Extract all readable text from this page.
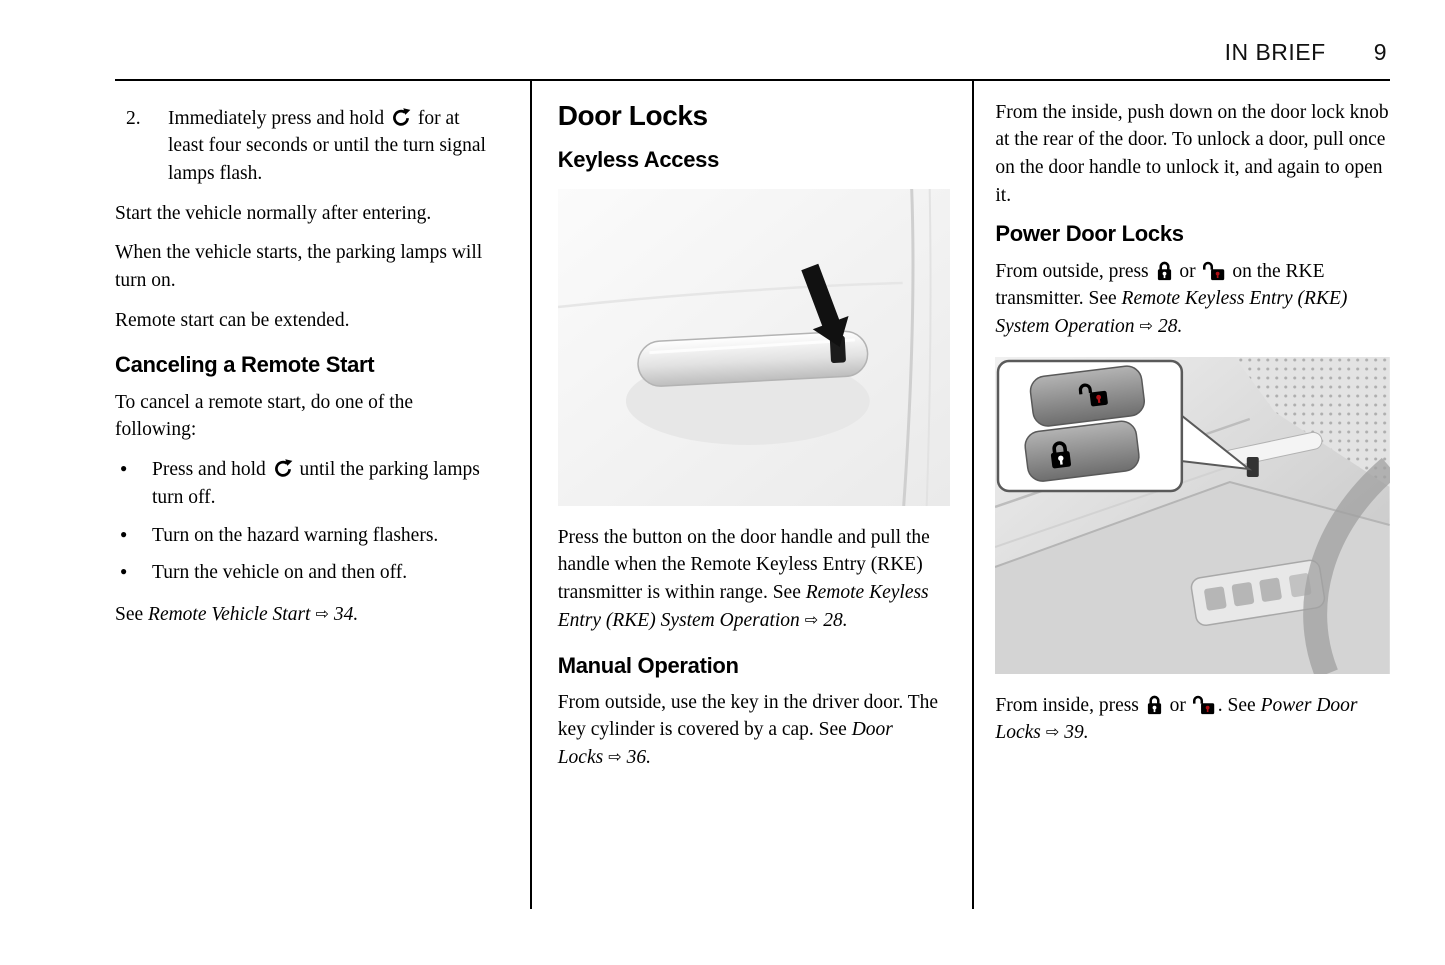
IN BRIEF 9
2.	Immediately press and hold
for at least four seconds or until the turn signal lamps flash.

Start the vehicle normally after entering.

When the vehicle starts, the parking lamps will turn on.

Remote start can be extended.

Canceling a Remote Start

To cancel a remote start, do one of the following:

● Press and hold
until the parking lamps turn off.
● Turn on the hazard warning flashers.
● Turn the vehicle on and then off.

See Remote Vehicle Start ⇨ 34.

Door Locks
Keyless Access

Press the button on the door handle and pull the handle when the Remote Keyless Entry (RKE) transmitter is within range. See Remote Keyless Entry (RKE) System Operation ⇨ 28.

Manual Operation

From outside, use the key in the driver door. The key cylinder is covered by a cap. See Door Locks ⇨ 36.

From the inside, push down on the door lock knob at the rear of the door. To unlock a door, pull once on the door handle to unlock it, and again to open it.

Power Door Locks

From outside, press
or
on the RKE transmitter. See Remote Keyless Entry (RKE) System Operation ⇨ 28.

From inside, press
or
. See Power Door Locks ⇨ 39.
